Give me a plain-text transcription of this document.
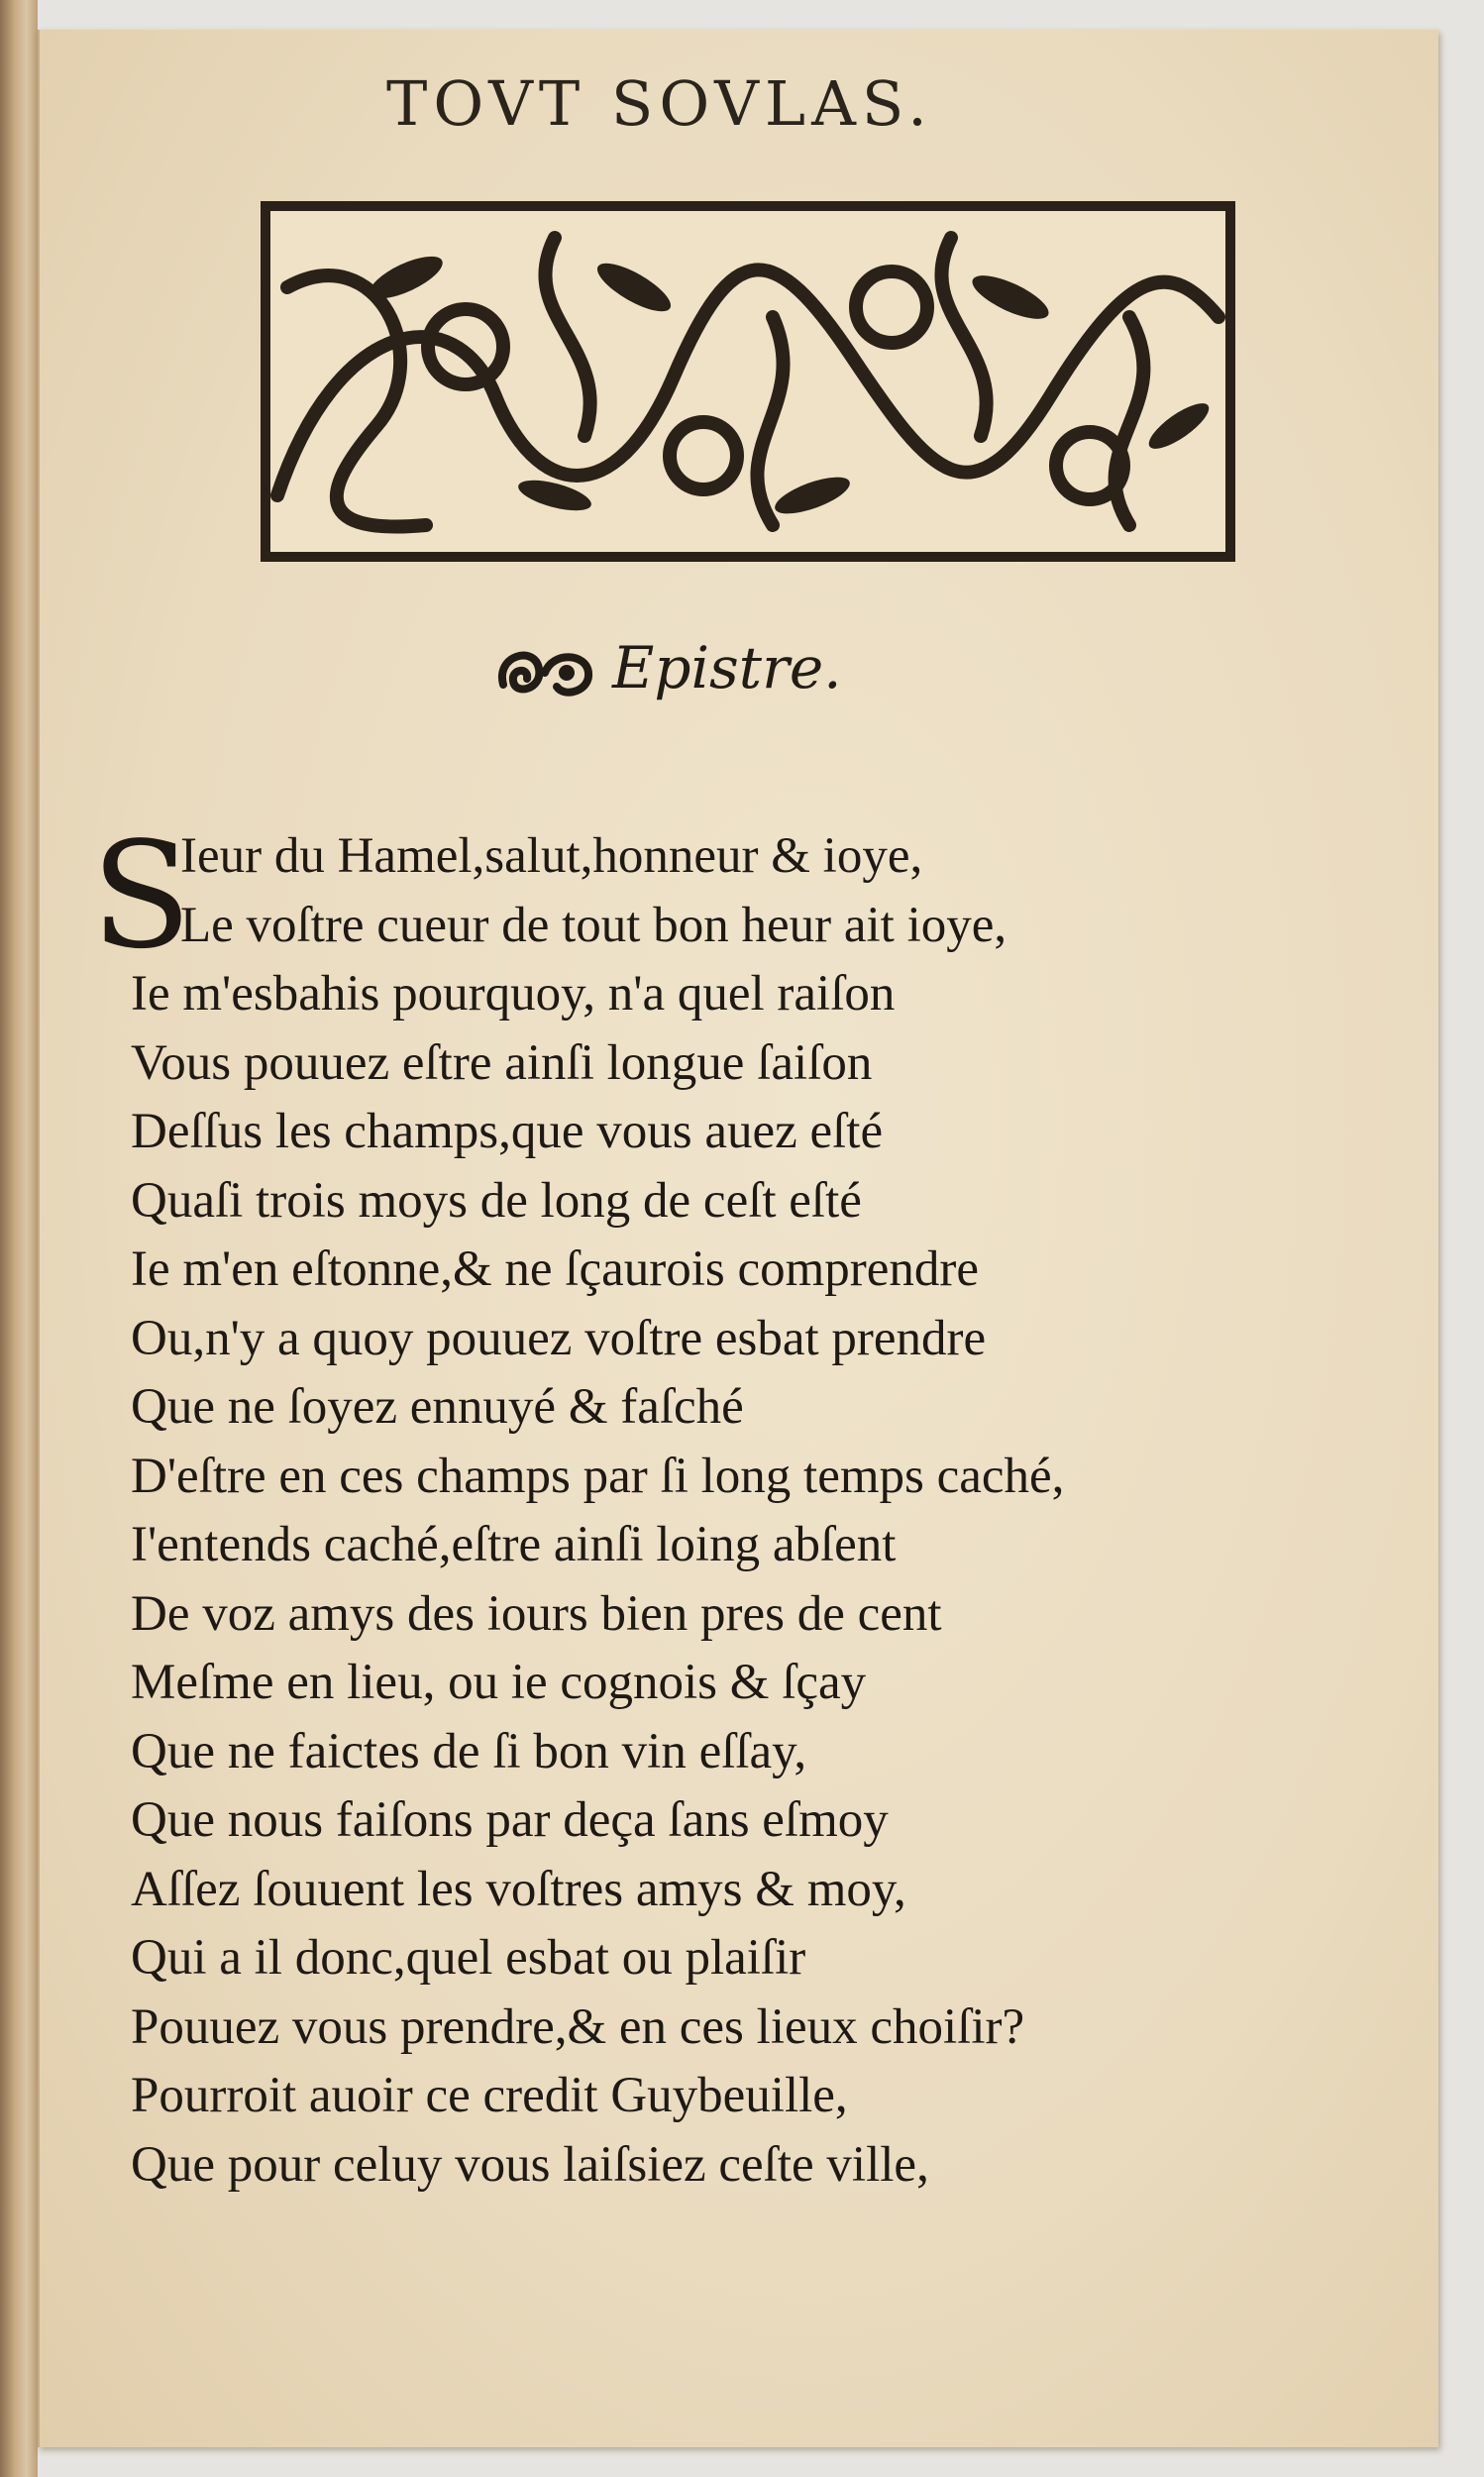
TOVT SOVLAS.
Epistre.
S
Ieur du Hamel,salut,honneur & ioye,
Le voſtre cueur de tout bon heur ait ioye,
Ie m'esbahis pourquoy, n'a quel raiſon
Vous pouuez eſtre ainſi longue ſaiſon
Deſſus les champs,que vous auez eſté
Quaſi trois moys de long de ceſt eſté
Ie m'en eſtonne,& ne ſçaurois comprendre
Ou,n'y a quoy pouuez voſtre esbat prendre
Que ne ſoyez ennuyé & faſché
D'eſtre en ces champs par ſi long temps caché,
I'entends caché,eſtre ainſi loing abſent
De voz amys des iours bien pres de cent
Meſme en lieu, ou ie cognois & ſçay
Que ne faictes de ſi bon vin eſſay,
Que nous faiſons par deça ſans eſmoy
Aſſez ſouuent les voſtres amys & moy,
Qui a il donc,quel esbat ou plaiſir
Pouuez vous prendre,& en ces lieux choiſir?
Pourroit auoir ce credit Guybeuille,
Que pour celuy vous laiſsiez ceſte ville,
